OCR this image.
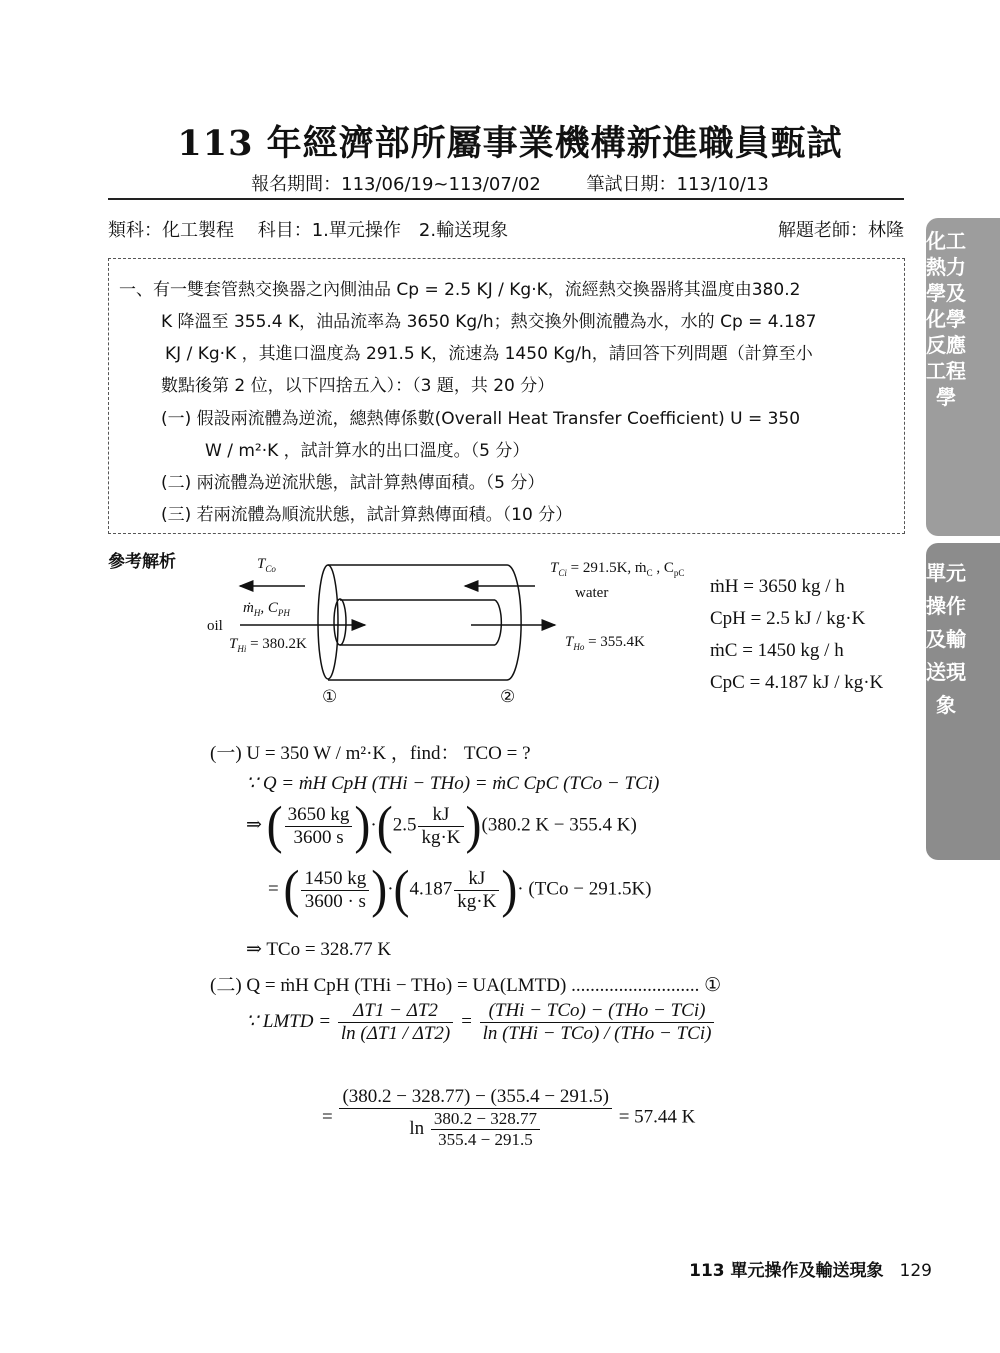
113 年經濟部所屬事業機構新進職員甄試
報名期間：113/06/19~113/07/02	筆試日期：113/10/13
類科：化工製程 科目：1.單元操作　2.輸送現象	解題老師：林隆 化工熱力學及化學反應工程學
單元操作及輸送現象
一、有一雙套管熱交換器之內側油品 Cp = 2.5 KJ / Kg·K，流經熱交換器將其溫度由380.2
K 降溫至 355.4 K，油品流率為 3650 Kg/h；熱交換外側流體為水，水的 Cp = 4.187
KJ / Kg·K ，其進口溫度為 291.5 K，流速為 1450 Kg/h，請回答下列問題（計算至小
數點後第 2 位，以下四捨五入）：（3 題，共 20 分）
(一) 假設兩流體為逆流，總熱傳係數(Overall Heat Transfer Coefficient) U = 350
W / m²·K ，試計算水的出口溫度。（5 分）
(二) 兩流體為逆流狀態，試計算熱傳面積。（5 分）
(三) 若兩流體為順流狀態，試計算熱傳面積。（10 分）
參考解析	$T_{Co}$	$T_{Ci} = 291.5K$, ṁ$_C$ , $C_{pC}$
water
ṁ$_H$, $C_{PH}$
oil
$T_{Hi} = 380.2K$	$T_{Ho} = 355.4K$
①	②
ṁH = 3650 kg / h
CpH = 2.5 kJ / kg·K
ṁC = 1450 kg / h
CpC = 4.187 kJ / kg·K
(一) U = 350 W / m²·K ，find： TCO = ?
∵ Q = ṁH CpH (THi − THo) = ṁC CpC (TCo − TCi)
⇒ ( $\frac{3650 kg}{3600 s} )\cdot(2.5 \frac{kJ}{kg\cdot K} )(380.2$ K − 355.4 K)
= ( $\frac{1450 kg}{3600 \cdot s} )\cdot(4.187 \frac{kJ}{kg\cdot K}$ )· (TCo − 291.5K)
⇒ TCo = 328.77 K
(二) Q = ṁH CpH (THi − THo) = UA(LMTD) ........................... ①
∵ LMTD = $\frac{\Delta T1 - \Delta T2}{\ln (\Delta T1 / \Delta T2)} = \frac{\text{(THi − TCo) − (THo − TCi)}}{\text{ln (THi − TCo) / (THo − TCi)}}$
= $\frac{(380.2 - 328.77) - (355.4 - 291.5)}{\ln \frac{380.2 - 328.77}{355.4 - 291.5}} = 57.44$ K
113 單元操作及輸送現象 129
